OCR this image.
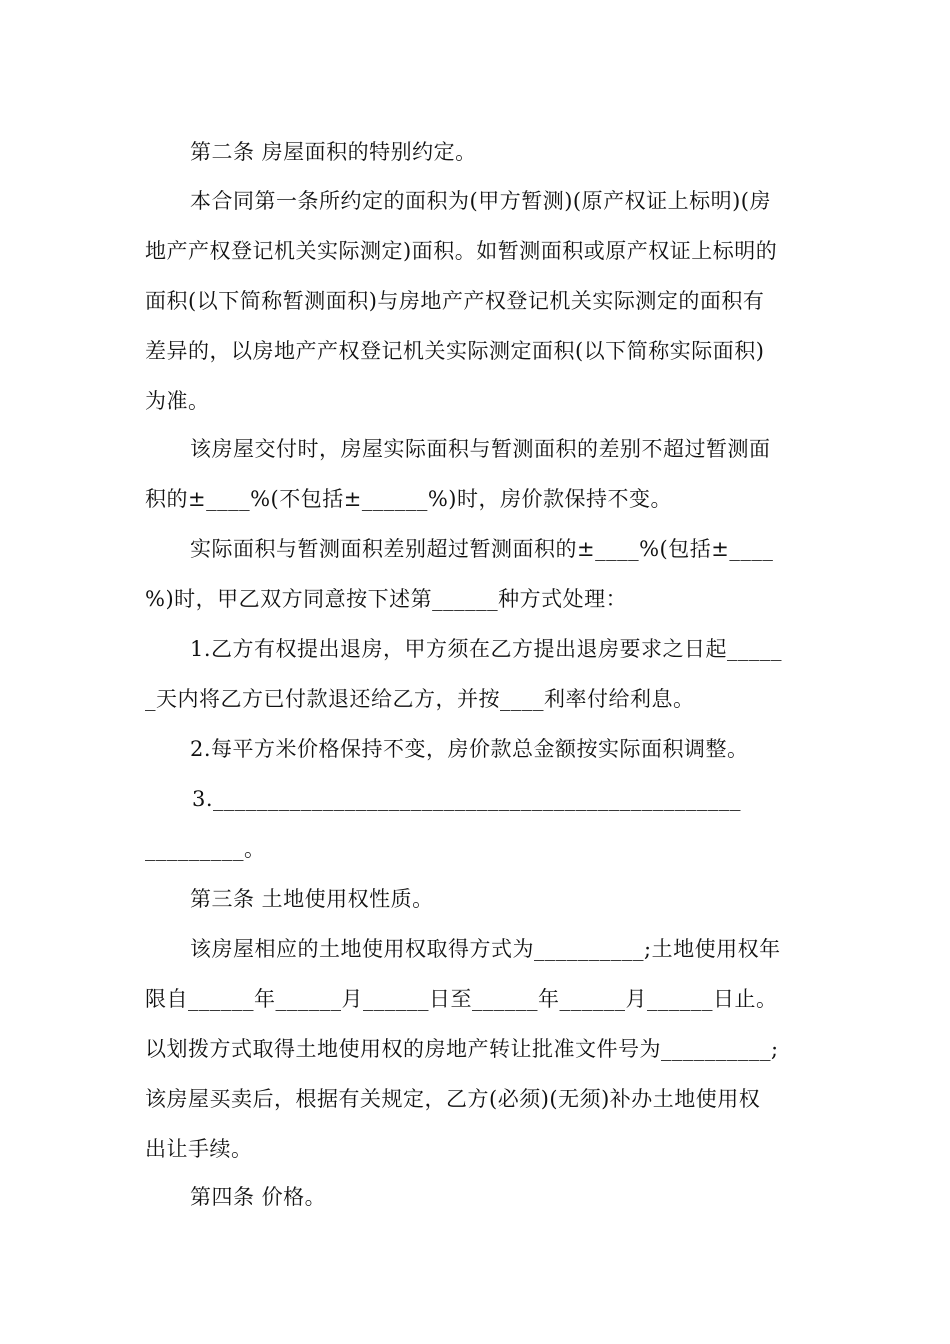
第二条 房屋面积的特别约定。
本合同第一条所约定的面积为(甲方暂测)(原产权证上标明)(房
地产产权登记机关实际测定)面积。如暂测面积或原产权证上标明的
面积(以下简称暂测面积)与房地产产权登记机关实际测定的面积有
差异的，以房地产产权登记机关实际测定面积(以下简称实际面积)
为准。
该房屋交付时，房屋实际面积与暂测面积的差别不超过暂测面
积的±____%(不包括±______%)时，房价款保持不变。
实际面积与暂测面积差别超过暂测面积的±____%(包括±____
%)时，甲乙双方同意按下述第______种方式处理：
1.乙方有权提出退房，甲方须在乙方提出退房要求之日起_____
_天内将乙方已付款退还给乙方，并按____利率付给利息。
2.每平方米价格保持不变，房价款总金额按实际面积调整。
3.________________________________________________
_________。
第三条 土地使用权性质。
该房屋相应的土地使用权取得方式为__________;土地使用权年
限自______年______月______日至______年______月______日止。
以划拨方式取得土地使用权的房地产转让批准文件号为__________;
该房屋买卖后，根据有关规定，乙方(必须)(无须)补办土地使用权
出让手续。
第四条 价格。
